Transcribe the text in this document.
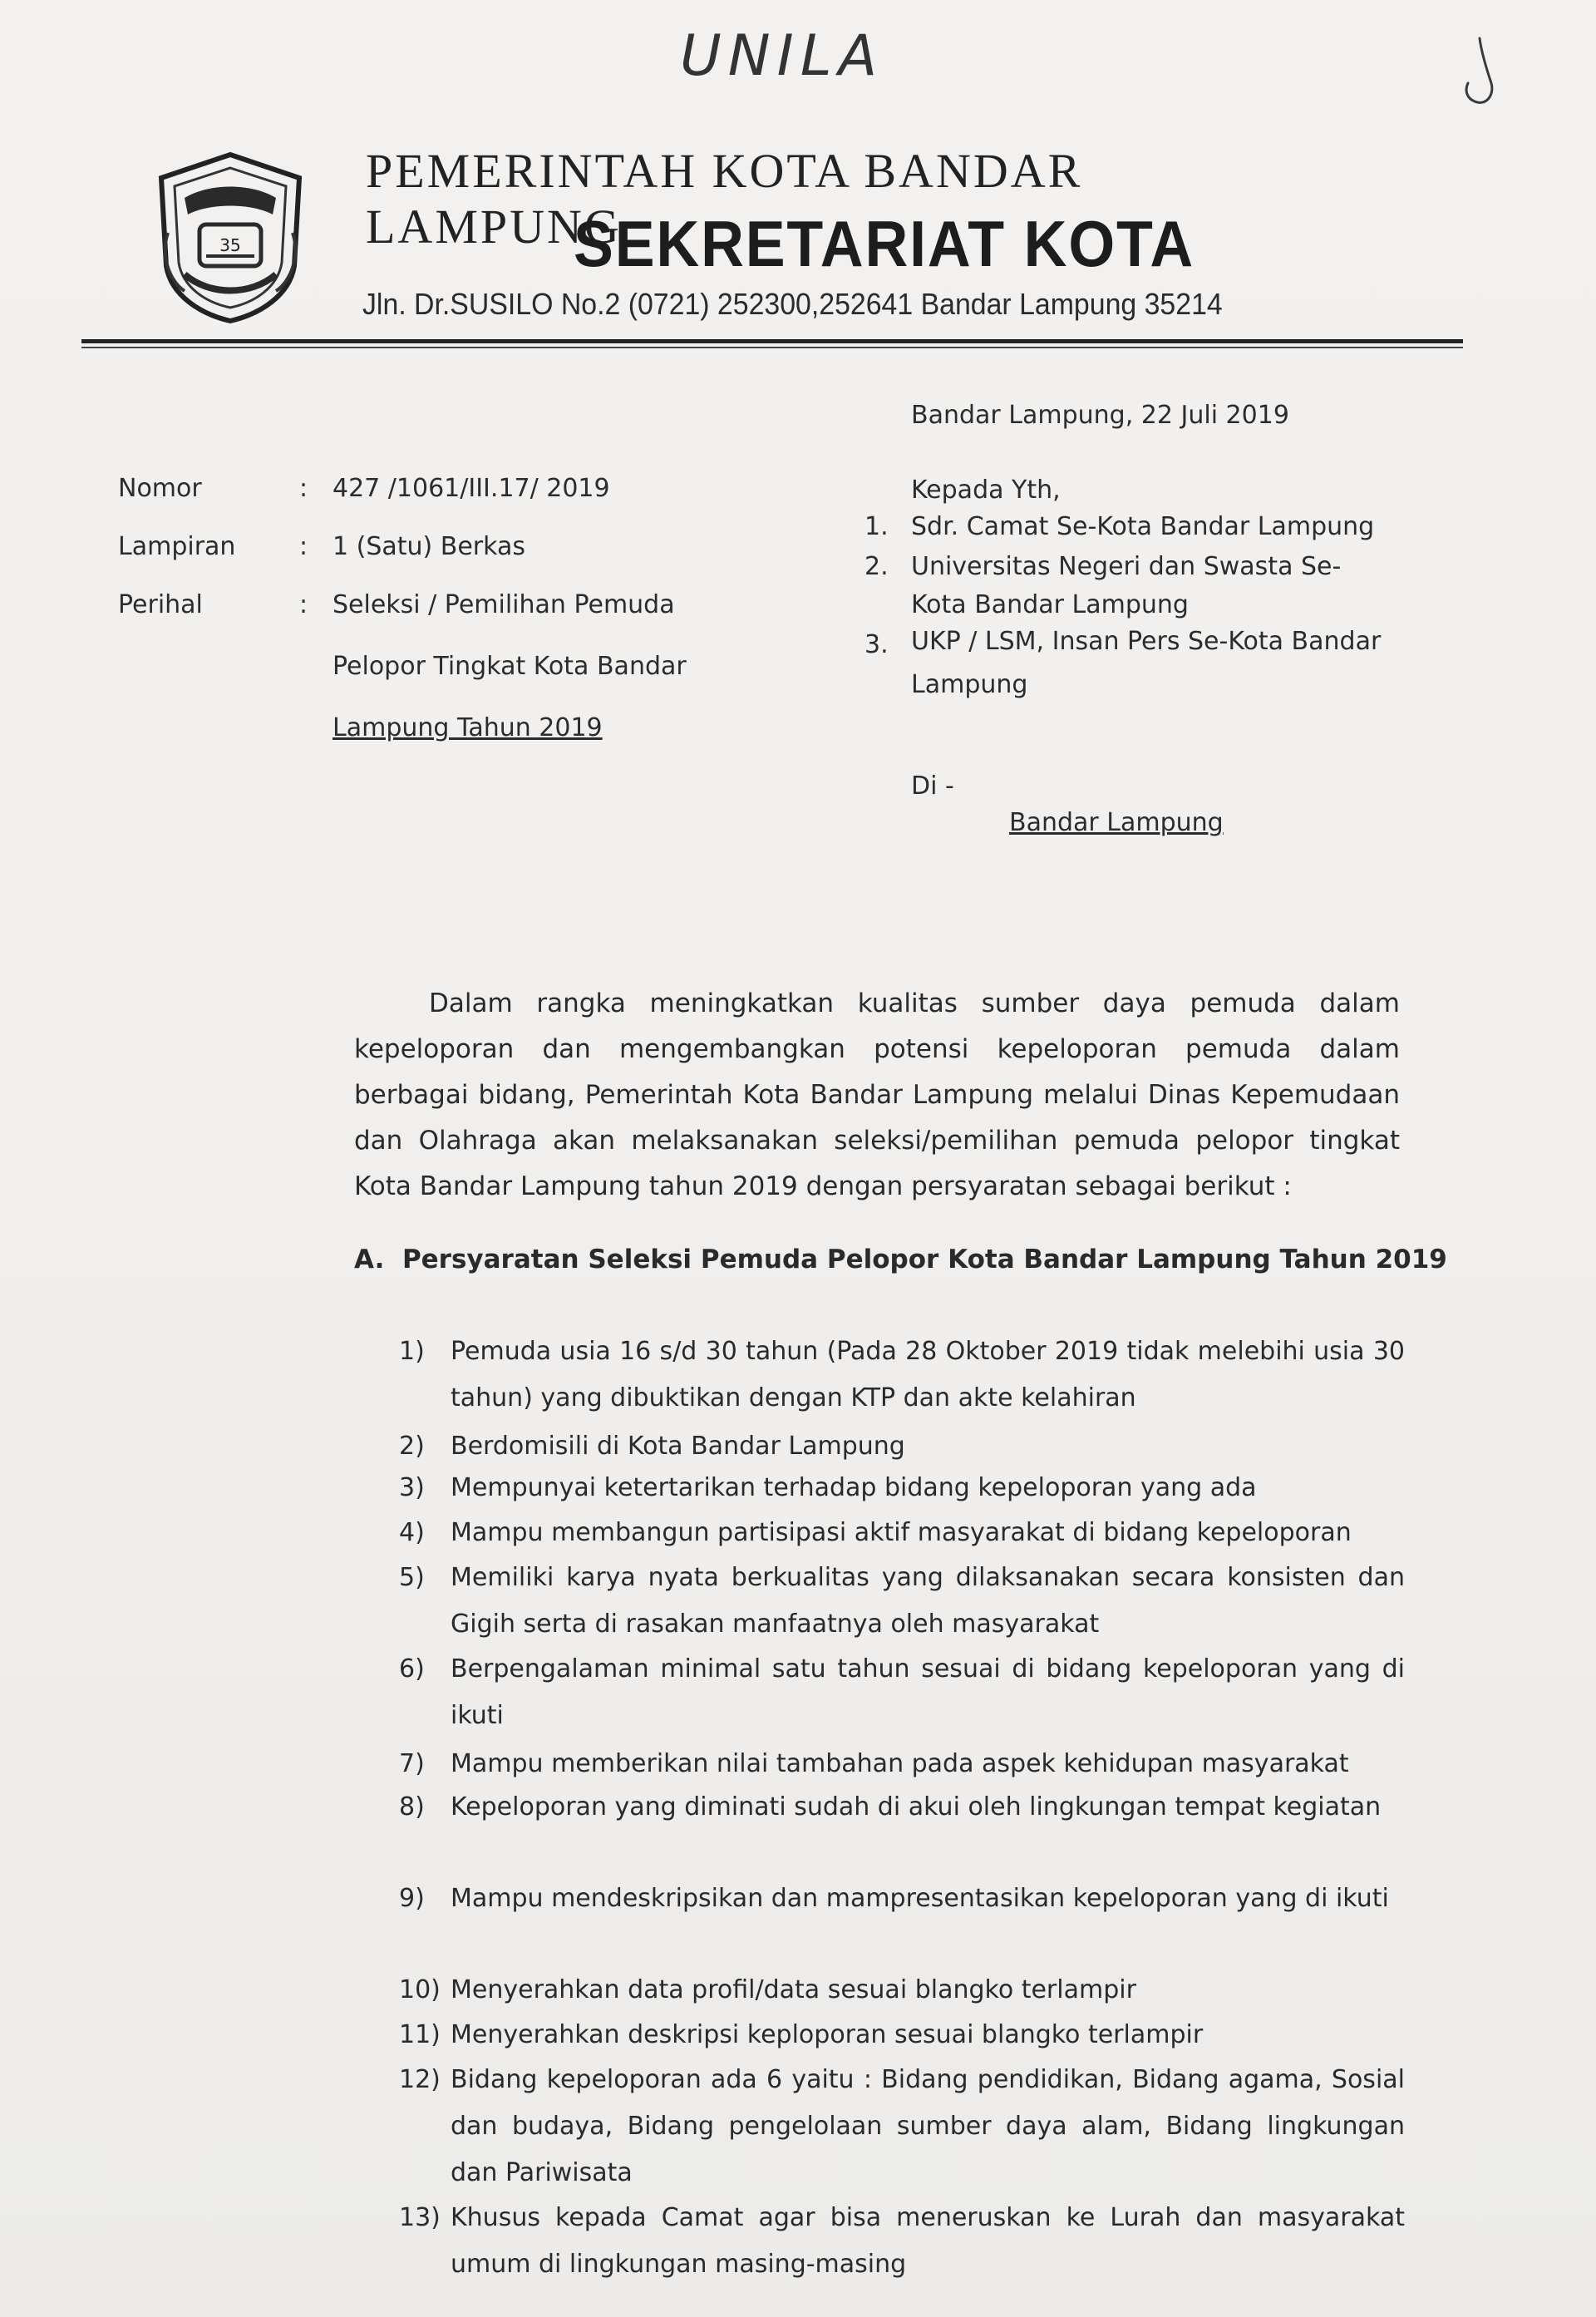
UNILA
35
PEMERINTAH KOTA BANDAR LAMPUNG
SEKRETARIAT KOTA
Jln. Dr.SUSILO No.2 (0721) 252300,252641 Bandar Lampung 35214
Bandar Lampung, 22 Juli 2019
Nomor	: 427 /1061/III.17/ 2019
Lampiran	: 1 (Satu) Berkas
Perihal	: Seleksi / Pemilihan Pemuda
Pelopor Tingkat Kota Bandar
Lampung Tahun 2019
Kepada Yth,
1. Sdr. Camat Se-Kota Bandar Lampung
2. Universitas Negeri dan Swasta Se-
Kota Bandar Lampung
3. UKP / LSM, Insan Pers Se-Kota Bandar
Lampung
Di -
Bandar Lampung
Dalam rangka meningkatkan kualitas sumber daya pemuda dalam kepeloporan dan mengembangkan potensi kepeloporan pemuda dalam berbagai bidang, Pemerintah Kota Bandar Lampung melalui Dinas Kepemudaan dan Olahraga akan melaksanakan seleksi/pemilihan pemuda pelopor tingkat Kota Bandar Lampung tahun 2019 dengan persyaratan sebagai berikut :
A. Persyaratan Seleksi Pemuda Pelopor Kota Bandar Lampung Tahun 2019
1) Pemuda usia 16 s/d 30 tahun (Pada 28 Oktober 2019 tidak melebihi usia 30 tahun) yang dibuktikan dengan KTP dan akte kelahiran
2) Berdomisili di Kota Bandar Lampung
3) Mempunyai ketertarikan terhadap bidang kepeloporan yang ada
4) Mampu membangun partisipasi aktif masyarakat di bidang kepeloporan
5) Memiliki karya nyata berkualitas yang dilaksanakan secara konsisten dan Gigih serta di rasakan manfaatnya oleh masyarakat
6) Berpengalaman minimal satu tahun sesuai di bidang kepeloporan yang di ikuti
7) Mampu memberikan nilai tambahan pada aspek kehidupan masyarakat
8) Kepeloporan yang diminati sudah di akui oleh lingkungan tempat kegiatan
9) Mampu mendeskripsikan dan mampresentasikan kepeloporan yang di ikuti
10) Menyerahkan data profil/data sesuai blangko terlampir
11) Menyerahkan deskripsi keploporan sesuai blangko terlampir
12) Bidang kepeloporan ada 6 yaitu : Bidang pendidikan, Bidang agama, Sosial dan budaya, Bidang pengelolaan sumber daya alam, Bidang lingkungan dan Pariwisata
13) Khusus kepada Camat agar bisa meneruskan ke Lurah dan masyarakat umum di lingkungan masing-masing
